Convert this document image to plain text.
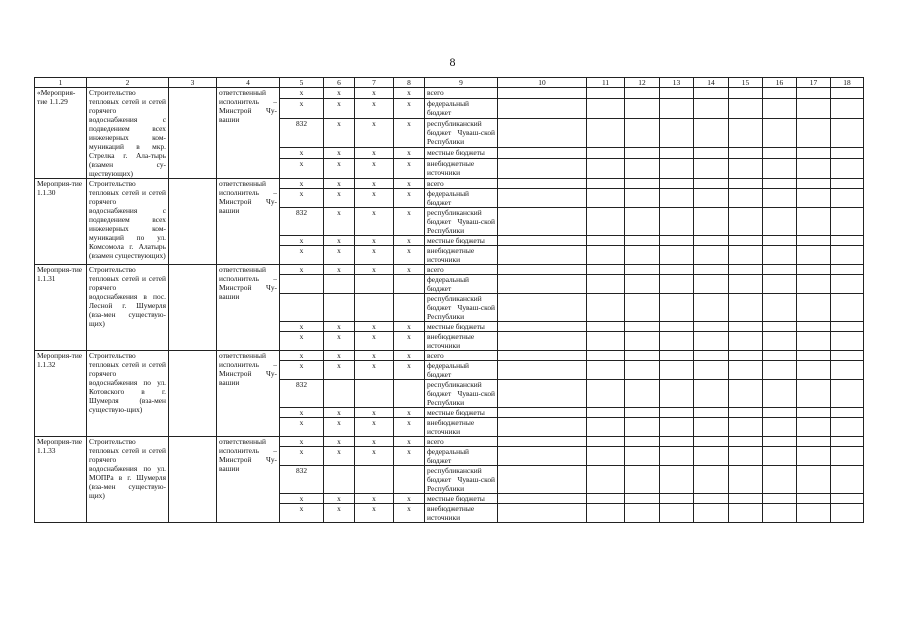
8
1	2	3	4	5	6	7	8	9	10	11	12	13	14	15	16	17	18
«Мероприя-тие 1.1.29	Строительство тепловых сетей и сетей горячего водоснабжения с подведением всех инженерных ком-муникаций в мкр. Стрелка г. Ала-тырь (взамен су-ществующих)		ответственный исполнитель – Минстрой Чу-вашии	x	x	x	x	всего									
				x	x	x	x	федеральный бюджет									
				832	x	x	x	республиканский бюджет Чуваш-ской Республики									
				x	x	x	x	местные бюджеты									
				x	x	x	x	внебюджетные источники									
Мероприя-тие 1.1.30	Строительство тепловых сетей и сетей горячего водоснабжения с подведением всех инженерных ком-муникаций по ул. Комсомола г. Алатырь (взамен существующих)		ответственный исполнитель – Минстрой Чу-вашии	x	x	x	x	всего									
				x	x	x	x	федеральный бюджет									
				832	x	x	x	республиканский бюджет Чуваш-ской Республики									
				x	x	x	x	местные бюджеты									
				x	x	x	x	внебюджетные источники									
Мероприя-тие 1.1.31	Строительство тепловых сетей и сетей горячего водоснабжения в пос. Лесной г. Шумерля (вза-мен существую-щих)		ответственный исполнитель – Минстрой Чу-вашии	x	x	x	x	всего									
								федеральный бюджет									
								республиканский бюджет Чуваш-ской Республики									
				x	x	x	x	местные бюджеты									
				x	x	x	x	внебюджетные источники									
Мероприя-тие 1.1.32	Строительство тепловых сетей и сетей горячего водоснабжения по ул. Котовского в г. Шумерля (вза-мен существую-щих)		ответственный исполнитель – Минстрой Чу-вашии	x	x	x	x	всего									
				x	x	x	x	федеральный бюджет									
				832				республиканский бюджет Чуваш-ской Республики									
				x	x	x	x	местные бюджеты									
				x	x	x	x	внебюджетные источники									
Мероприя-тие 1.1.33	Строительство тепловых сетей и сетей горячего водоснабжения по ул. МОПРа в г. Шумерля (вза-мен существую-щих)		ответственный исполнитель – Минстрой Чу-вашии	x	x	x	x	всего									
				x	x	x	x	федеральный бюджет									
				832				республиканский бюджет Чуваш-ской Республики									
				x	x	x	x	местные бюджеты									
				x	x	x	x	внебюджетные источники									
